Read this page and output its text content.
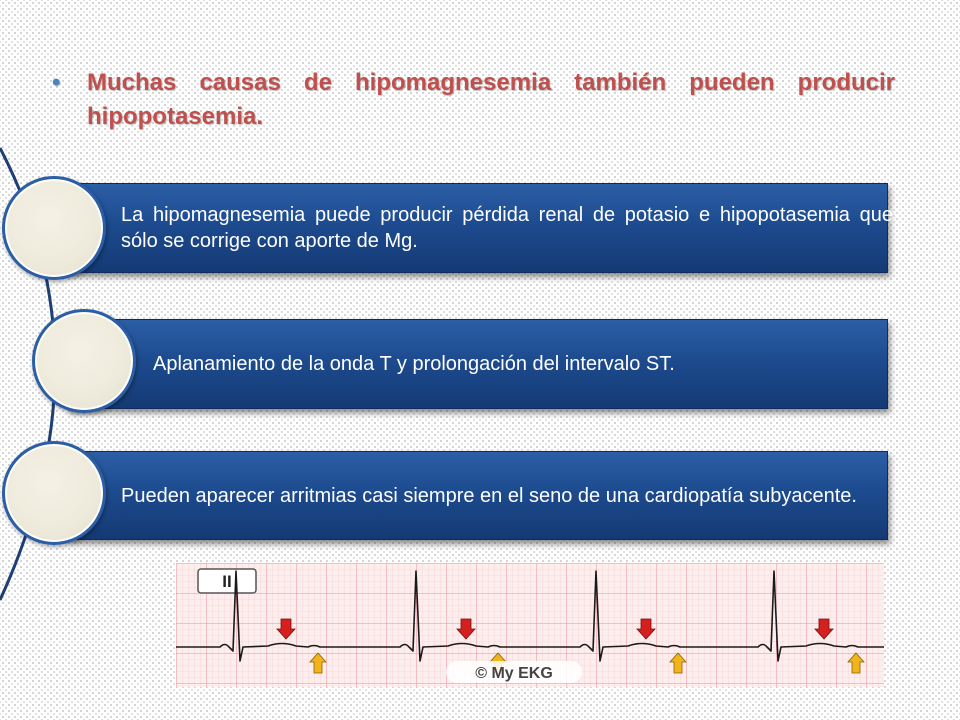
• Muchas causas de hipomagnesemia también pueden producir hipopotasemia.
La hipomagnesemia puede producir pérdida renal de potasio e hipopotasemia que sólo se corrige con aporte de Mg.
Aplanamiento de la onda T y prolongación del intervalo ST.
Pueden aparecer arritmias casi siempre en el seno de una cardiopatía subyacente.
II
© My EKG
